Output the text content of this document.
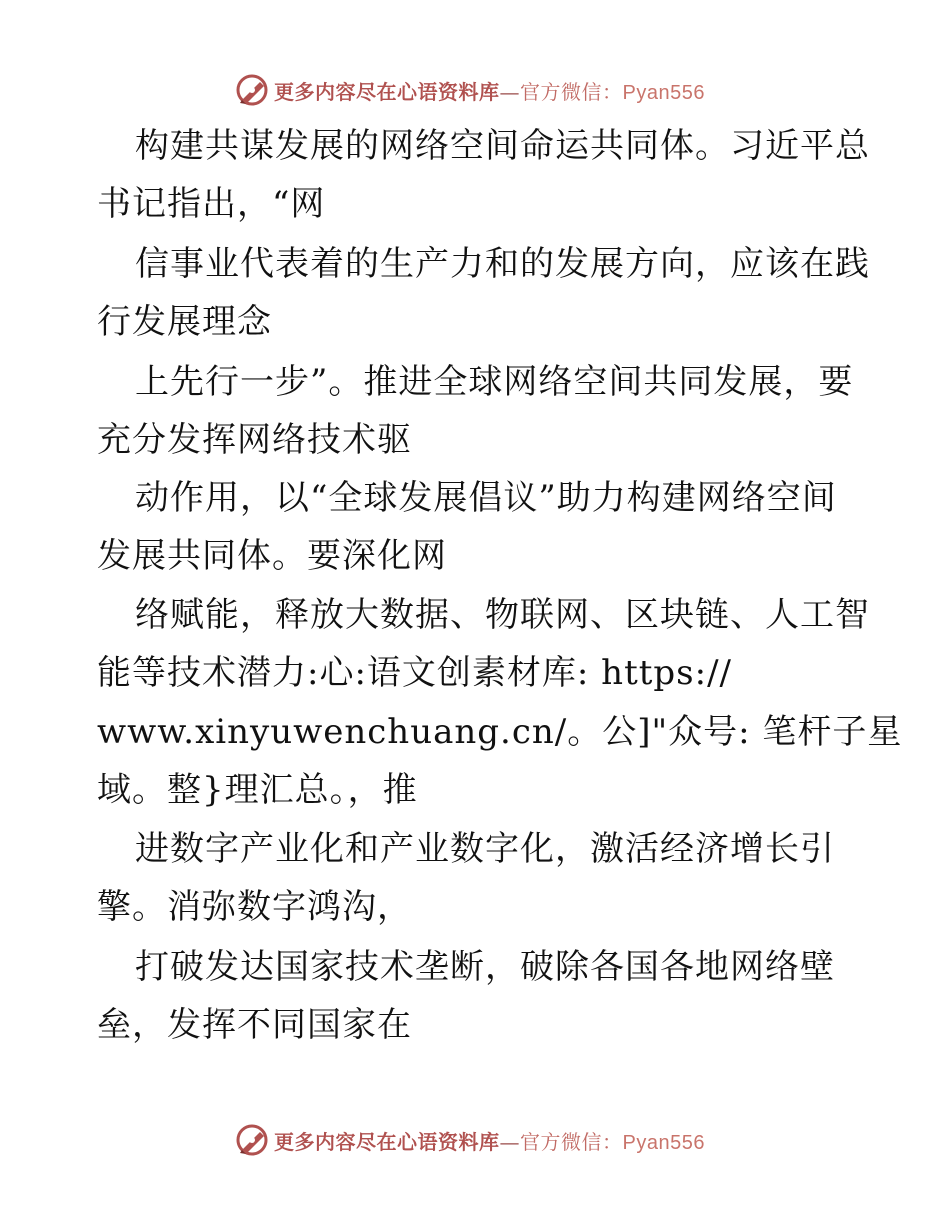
更多内容尽在心语资料库—官方微信：Pyan556
构建共谋发展的网络空间命运共同体。习近平总
书记指出，“网
信事业代表着的生产力和的发展方向，应该在践
行发展理念
上先行一步”。推进全球网络空间共同发展，要
充分发挥网络技术驱
动作用，以“全球发展倡议”助力构建网络空间
发展共同体。要深化网
络赋能，释放大数据、物联网、区块链、人工智
能等技术潜力:心:语文创素材库: https://
www.xinyuwenchuang.cn/。公]"众号: 笔杆子星
域。整}理汇总。，推
进数字产业化和产业数字化，激活经济增长引
擎。消弥数字鸿沟，
打破发达国家技术垄断，破除各国各地网络壁
垒，发挥不同国家在
更多内容尽在心语资料库—官方微信：Pyan556
